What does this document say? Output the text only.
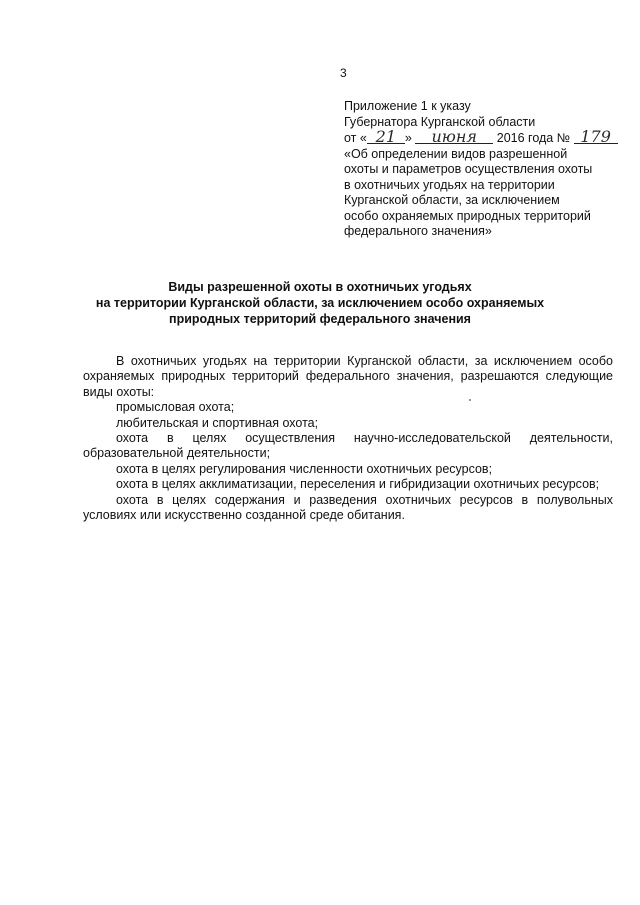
3
Приложение 1 к указу
Губернатора Курганской области
от « 21 » июня 2016 года № 179
«Об определении видов разрешенной
охоты и параметров осуществления охоты
в охотничьих угодьях на территории
Курганской области, за исключением
особо охраняемых природных территорий
федерального значения»
Виды разрешенной охоты в охотничьих угодьях
на территории Курганской области, за исключением особо охраняемых
природных территорий федерального значения
В охотничьих угодьях на территории Курганской области, за исключением особо охраняемых природных территорий федерального значения, разрешаются следующие виды охоты:
промысловая охота;
любительская и спортивная охота;
охота в целях осуществления научно-исследовательской деятельности, образовательной деятельности;
охота в целях регулирования численности охотничьих ресурсов;
охота в целях акклиматизации, переселения и гибридизации охотничьих ресурсов;
охота в целях содержания и разведения охотничьих ресурсов в полувольных условиях или искусственно созданной среде обитания.
